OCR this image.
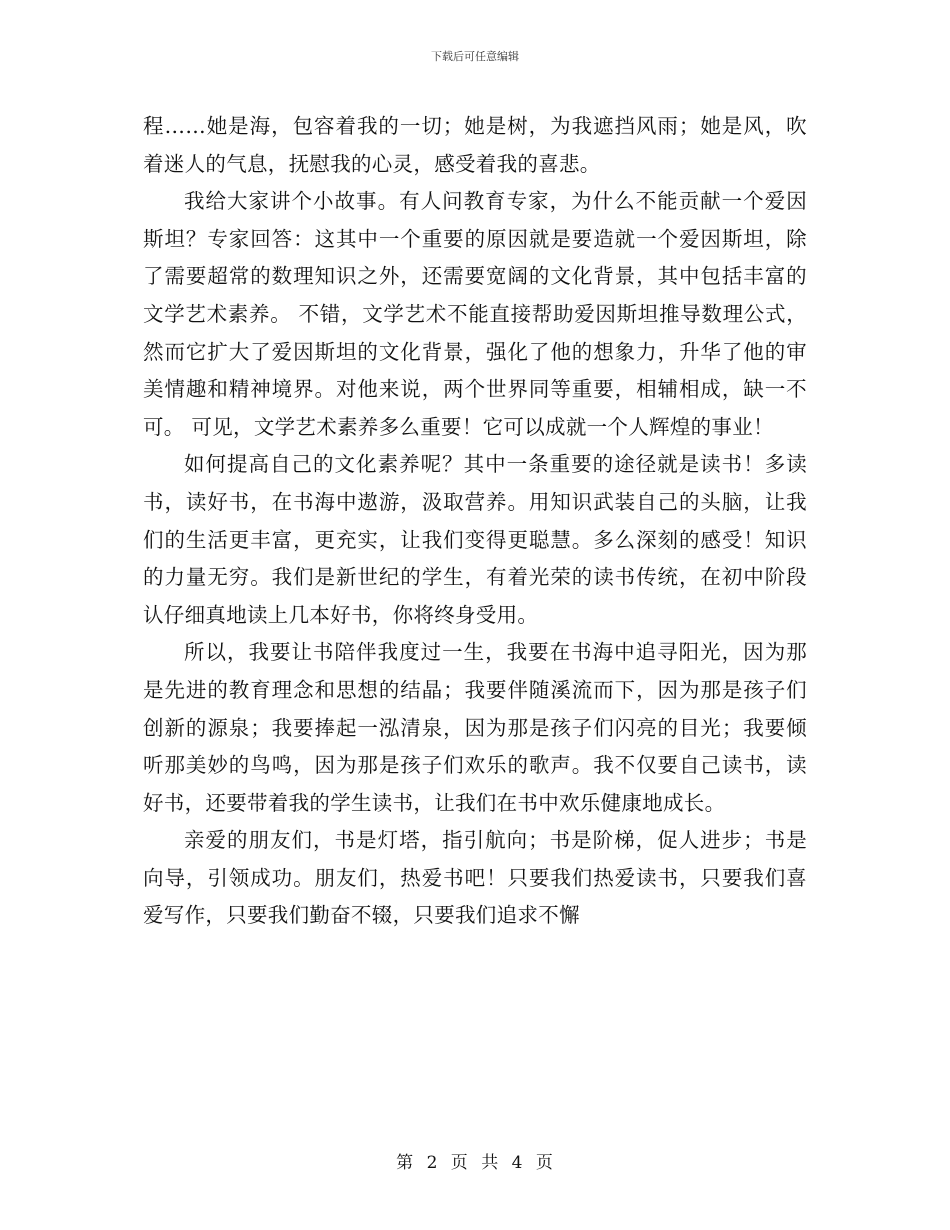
下载后可任意编辑

程……她是海，包容着我的一切；她是树，为我遮挡风雨；她是风，吹着迷人的气息，抚慰我的心灵，感受着我的喜悲。

我给大家讲个小故事。有人问教育专家，为什么不能贡献一个爱因斯坦？专家回答：这其中一个重要的原因就是要造就一个爱因斯坦，除了需要超常的数理知识之外，还需要宽阔的文化背景，其中包括丰富的文学艺术素养。 不错，文学艺术不能直接帮助爱因斯坦推导数理公式，然而它扩大了爱因斯坦的文化背景，强化了他的想象力，升华了他的审美情趣和精神境界。对他来说，两个世界同等重要，相辅相成，缺一不可。 可见，文学艺术素养多么重要！它可以成就一个人辉煌的事业！

如何提高自己的文化素养呢？其中一条重要的途径就是读书！多读书，读好书，在书海中遨游，汲取营养。用知识武装自己的头脑，让我们的生活更丰富，更充实，让我们变得更聪慧。多么深刻的感受！知识的力量无穷。我们是新世纪的学生，有着光荣的读书传统，在初中阶段认仔细真地读上几本好书，你将终身受用。

所以，我要让书陪伴我度过一生，我要在书海中追寻阳光，因为那是先进的教育理念和思想的结晶；我要伴随溪流而下，因为那是孩子们创新的源泉；我要捧起一泓清泉，因为那是孩子们闪亮的目光；我要倾听那美妙的鸟鸣，因为那是孩子们欢乐的歌声。我不仅要自己读书，读好书，还要带着我的学生读书，让我们在书中欢乐健康地成长。

亲爱的朋友们，书是灯塔，指引航向；书是阶梯，促人进步；书是向导，引领成功。朋友们，热爱书吧！只要我们热爱读书，只要我们喜爱写作，只要我们勤奋不辍，只要我们追求不懈

第 2 页 共 4 页
